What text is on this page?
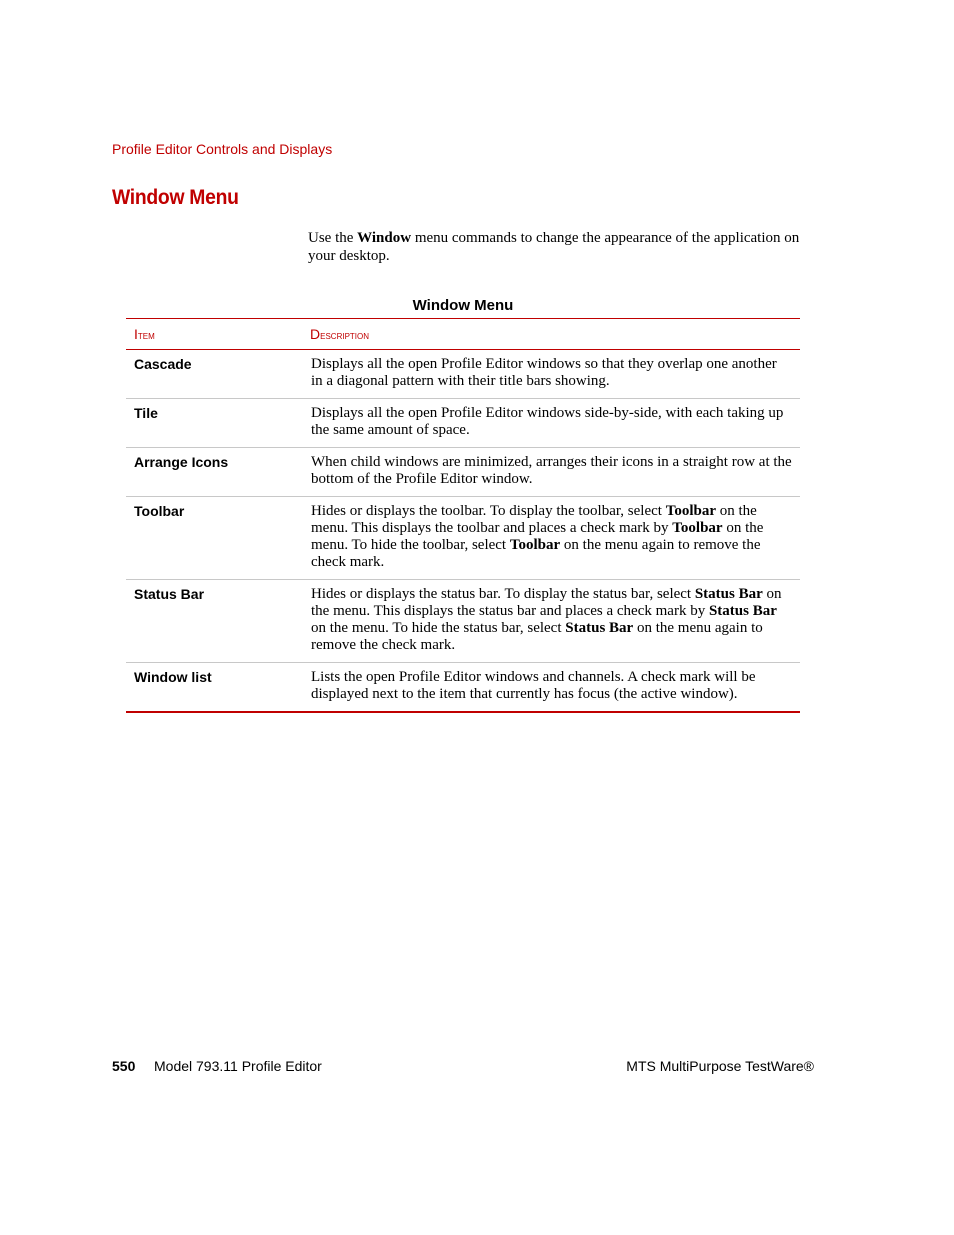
Profile Editor Controls and Displays
Window Menu

Use the Window menu commands to change the appearance of the application on your desktop.

Window Menu
Item	Description
Cascade	Displays all the open Profile Editor windows so that they overlap one another in a diagonal pattern with their title bars showing.
Tile	Displays all the open Profile Editor windows side-by-side, with each taking up the same amount of space.
Arrange Icons	When child windows are minimized, arranges their icons in a straight row at the bottom of the Profile Editor window.
Toolbar	Hides or displays the toolbar. To display the toolbar, select Toolbar on the menu. This displays the toolbar and places a check mark by Toolbar on the menu. To hide the toolbar, select Toolbar on the menu again to remove the check mark.
Status Bar	Hides or displays the status bar. To display the status bar, select Status Bar on the menu. This displays the status bar and places a check mark by Status Bar on the menu. To hide the status bar, select Status Bar on the menu again to remove the check mark.
Window list	Lists the open Profile Editor windows and channels. A check mark will be displayed next to the item that currently has focus (the active window).
550 Model 793.11 Profile Editor	MTS MultiPurpose TestWare®
